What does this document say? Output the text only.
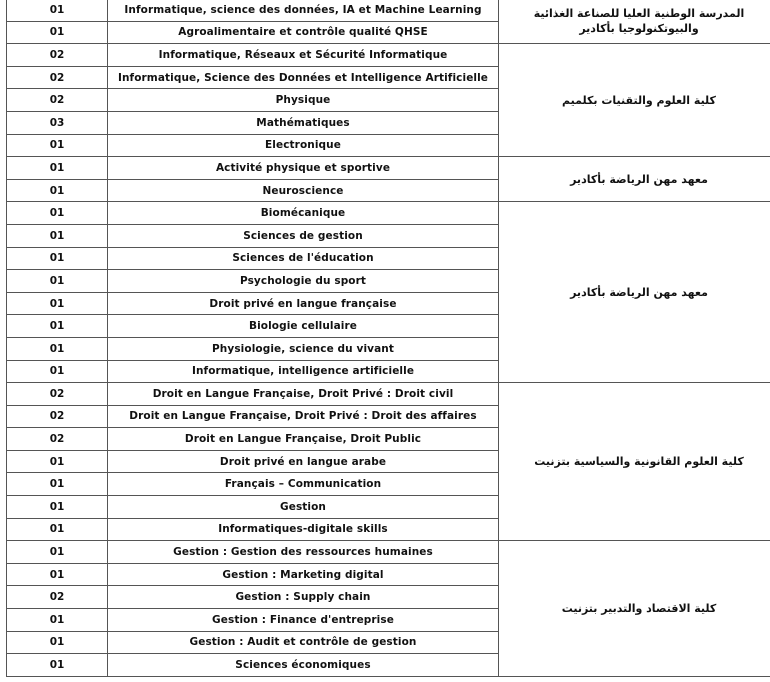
01	Informatique, science des données, IA et Machine Learning	المدرسة الوطنية العليا للصناعة الغذائية والبيوتكنولوجيا بأكادير
01	Agroalimentaire et contrôle qualité QHSE	
02	Informatique, Réseaux et Sécurité Informatique	كلية العلوم والتقنيات بكلميم
02	Informatique, Science des Données et Intelligence Artificielle	
02	Physique	
03	Mathématiques	
01	Electronique	
01	Activité physique et sportive	معهد مهن الرياضة بأكادير
01	Neuroscience	
01	Biomécanique	معهد مهن الرياضة بأكادير
01	Sciences de gestion	
01	Sciences de l'éducation	
01	Psychologie du sport	
01	Droit privé en langue française	
01	Biologie cellulaire	
01	Physiologie, science du vivant	
01	Informatique, intelligence artificielle	
02	Droit en Langue Française, Droit Privé : Droit civil	كلية العلوم القانونية والسياسية بتزنيت
02	Droit en Langue Française, Droit Privé : Droit des affaires	
02	Droit en Langue Française, Droit Public	
01	Droit privé en langue arabe	
01	Français – Communication	
01	Gestion	
01	Informatiques-digitale skills	
01	Gestion : Gestion des ressources humaines	كلية الاقتصاد والتدبير بتزنيت
01	Gestion : Marketing digital	
02	Gestion : Supply chain	
01	Gestion : Finance d'entreprise	
01	Gestion : Audit et contrôle de gestion	
01	Sciences économiques	
